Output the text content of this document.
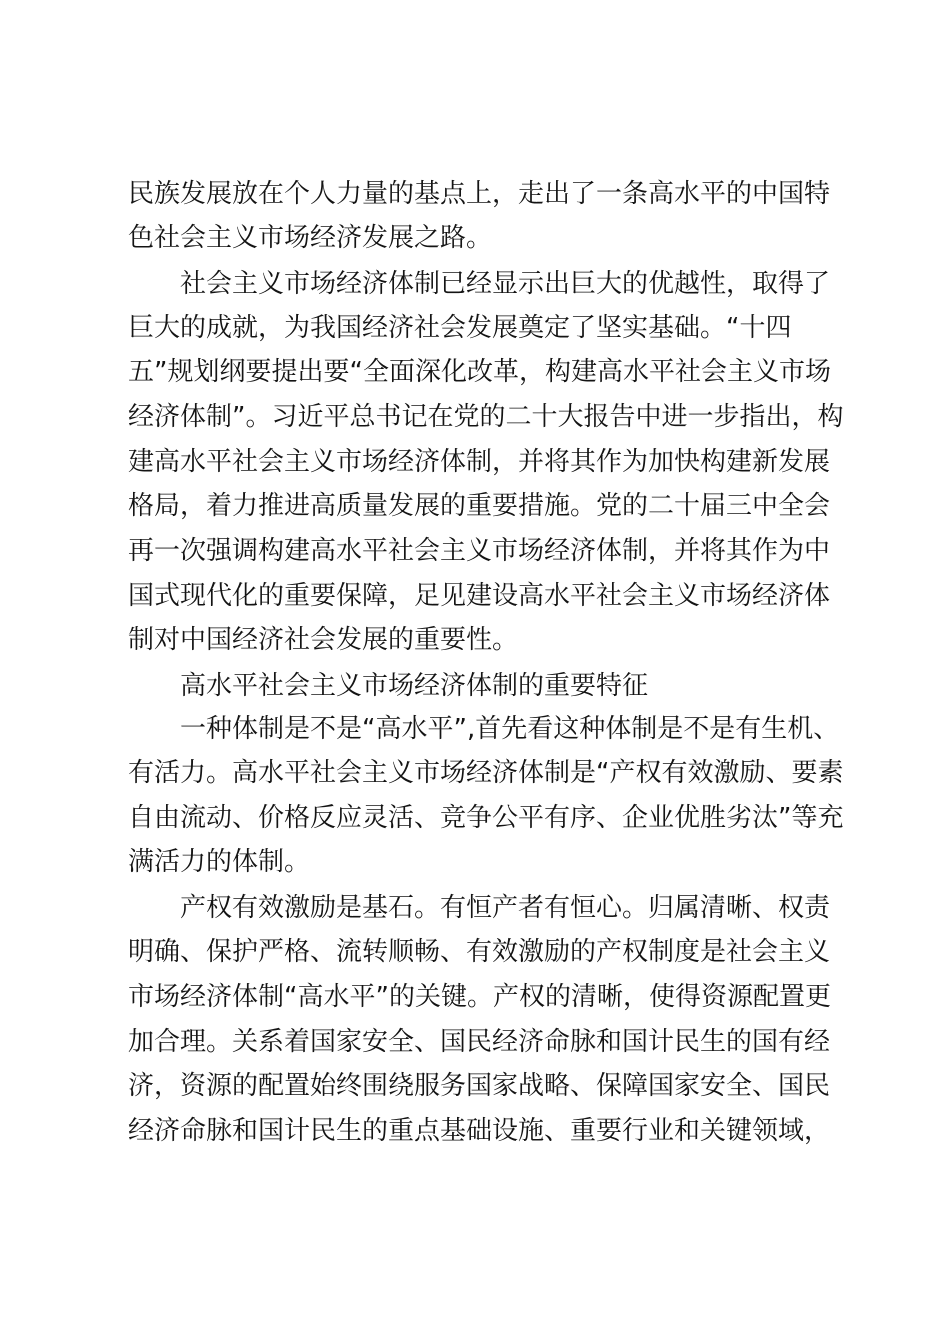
民族发展放在个人力量的基点上，走出了一条高水平的中国特
色社会主义市场经济发展之路。
社会主义市场经济体制已经显示出巨大的优越性，取得了
巨大的成就，为我国经济社会发展奠定了坚实基础。“十四
五”规划纲要提出要“全面深化改革，构建高水平社会主义市场
经济体制”。习近平总书记在党的二十大报告中进一步指出，构
建高水平社会主义市场经济体制，并将其作为加快构建新发展
格局，着力推进高质量发展的重要措施。党的二十届三中全会
再一次强调构建高水平社会主义市场经济体制，并将其作为中
国式现代化的重要保障，足见建设高水平社会主义市场经济体
制对中国经济社会发展的重要性。
高水平社会主义市场经济体制的重要特征
一种体制是不是“高水平”,首先看这种体制是不是有生机、
有活力。高水平社会主义市场经济体制是“产权有效激励、要素
自由流动、价格反应灵活、竞争公平有序、企业优胜劣汰”等充
满活力的体制。
产权有效激励是基石。有恒产者有恒心。归属清晰、权责
明确、保护严格、流转顺畅、有效激励的产权制度是社会主义
市场经济体制“高水平”的关键。产权的清晰，使得资源配置更
加合理。关系着国家安全、国民经济命脉和国计民生的国有经
济，资源的配置始终围绕服务国家战略、保障国家安全、国民
经济命脉和国计民生的重点基础设施、重要行业和关键领域，
